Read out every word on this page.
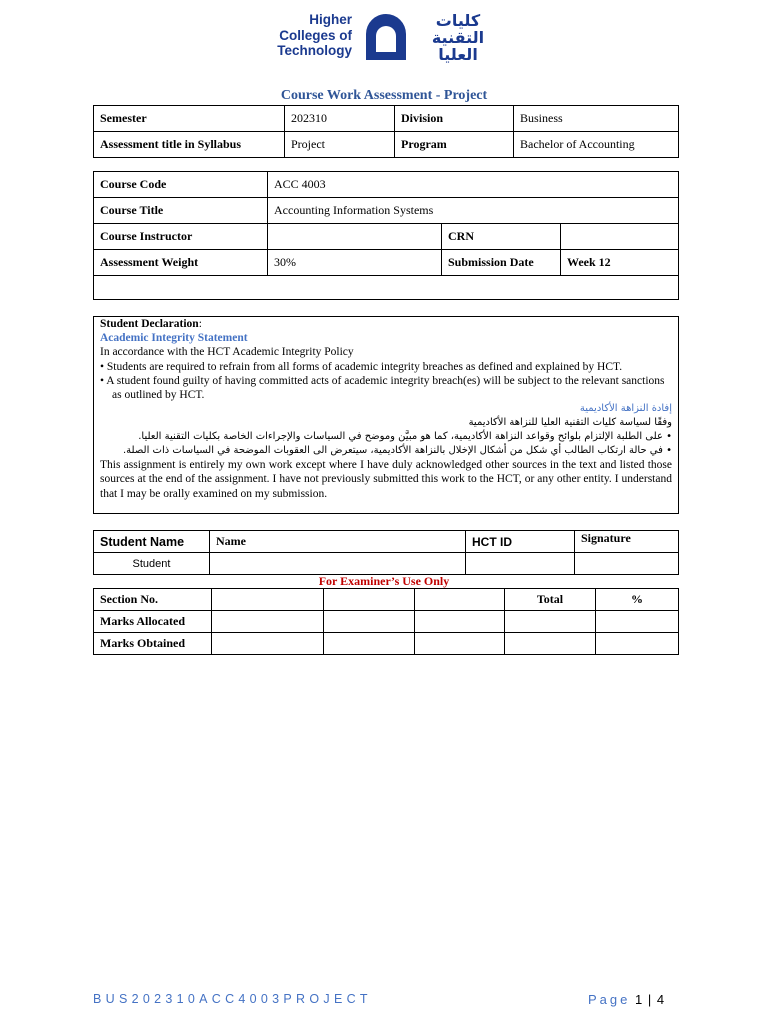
Higher
Colleges of
Technology
كليات
التقنية
العليا
Course Work Assessment - Project
Semester	202310	Division	Business
Assessment title in Syllabus	Project	Program	Bachelor of Accounting
Course Code	ACC 4003		
Course Title	Accounting Information Systems		
Course Instructor		CRN	
Assessment Weight	30%	Submission Date	Week 12

Student Declaration:
Academic Integrity Statement
In accordance with the HCT Academic Integrity Policy
• Students are required to refrain from all forms of academic integrity breaches as defined and explained by HCT.
• A student found guilty of having committed acts of academic integrity breach(es) will be subject to the relevant sanctions as outlined by HCT.
إفادة النزاهة الأكاديمية
وفقًا لسياسة كليات التقنية العليا للنزاهة الأكاديمية
• على الطلبة الإلتزام بلوائح وقواعد النزاهة الأكاديمية، كما هو مبيَّن وموضح في السياسات والإجراءات الخاصة بكليات التقنية العليا.
• في حالة ارتكاب الطالب أي شكل من أشكال الإخلال بالنزاهة الأكاديمية، سيتعرض الى العقوبات الموضحة في السياسات ذات الصلة.
This assignment is entirely my own work except where I have duly acknowledged other sources in the text and listed those sources at the end of the assignment. I have not previously submitted this work to the HCT, or any other entity. I understand that I may be orally examined on my submission.
Student Name	Name	HCT ID	Signature
Student			
For Examiner’s Use Only
Section No.				Total	%
Marks Allocated					
Marks Obtained					
BUS202310ACC4003PROJECT	Page 1 | 4
